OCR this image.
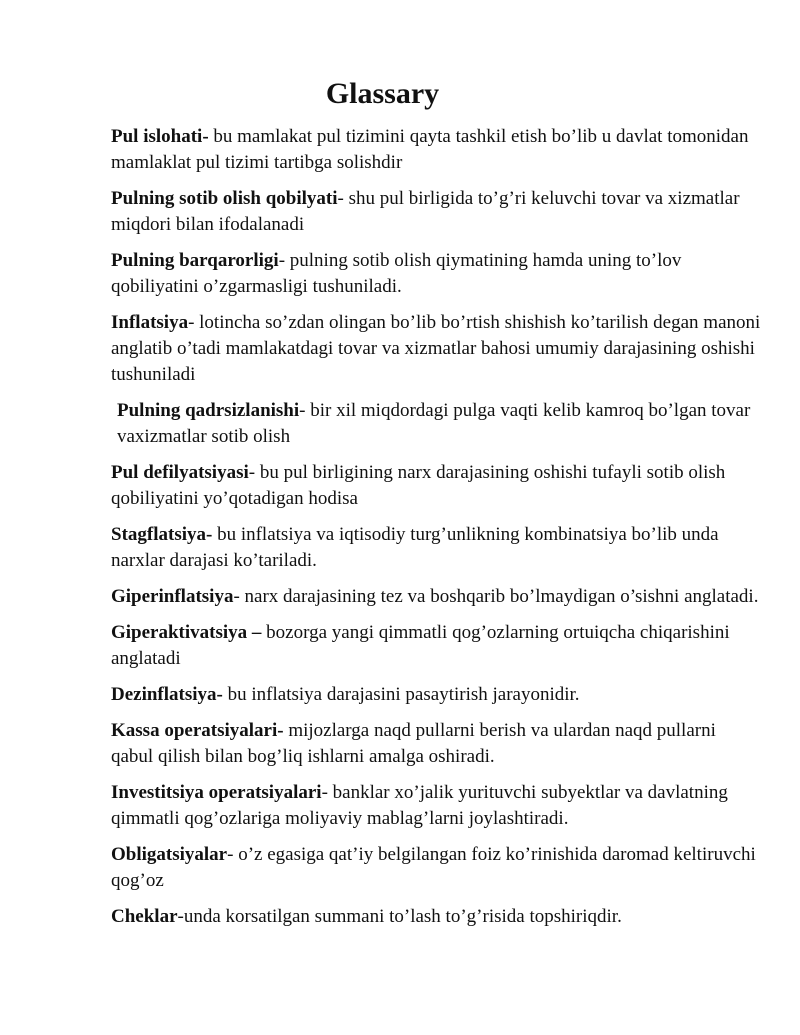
Glassary

Pul islohati- bu mamlakat pul tizimini qayta tashkil etish bo’lib u davlat tomonidan mamlaklat pul tizimi tartibga solishdir

Pulning sotib olish qobilyati- shu pul birligida to’g’ri keluvchi tovar va xizmatlar miqdori bilan ifodalanadi

Pulning barqarorligi- pulning sotib olish qiymatining hamda uning to’lov qobiliyatini o’zgarmasligi tushuniladi.

Inflatsiya- lotincha so’zdan olingan bo’lib bo’rtish shishish ko’tarilish degan manoni anglatib o’tadi mamlakatdagi tovar va xizmatlar bahosi umumiy darajasining oshishi tushuniladi

Pulning qadrsizlanishi- bir xil miqdordagi pulga vaqti kelib kamroq bo’lgan tovar vaxizmatlar sotib olish

Pul defilyatsiyasi- bu pul birligining narx darajasining oshishi tufayli sotib olish qobiliyatini yo’qotadigan hodisa

Stagflatsiya- bu inflatsiya va iqtisodiy turg’unlikning kombinatsiya bo’lib unda narxlar darajasi ko’tariladi.

Giperinflatsiya- narx darajasining tez va boshqarib bo’lmaydigan o’sishni anglatadi.

Giperaktivatsiya – bozorga yangi qimmatli qog’ozlarning ortuiqcha chiqarishini anglatadi

Dezinflatsiya- bu inflatsiya darajasini pasaytirish jarayonidir.

Kassa operatsiyalari- mijozlarga naqd pullarni berish va ulardan naqd pullarni qabul qilish bilan bog’liq ishlarni amalga oshiradi.

Investitsiya operatsiyalari- banklar xo’jalik yurituvchi subyektlar va davlatning qimmatli qog’ozlariga moliyaviy mablag’larni joylashtiradi.

Obligatsiyalar- o’z egasiga qat’iy belgilangan foiz ko’rinishida daromad keltiruvchi qog’oz

Cheklar-unda korsatilgan summani to’lash to’g’risida topshiriqdir.
